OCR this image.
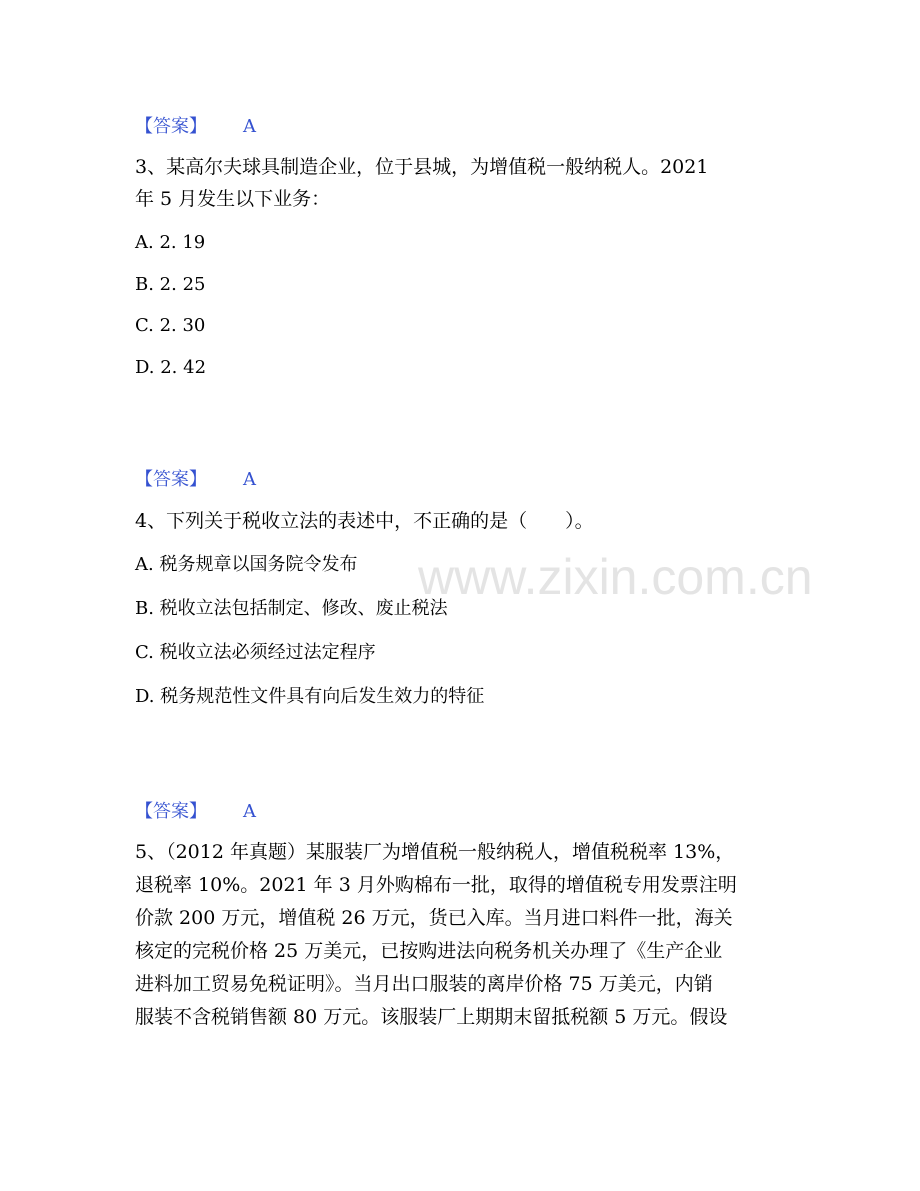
www.zixin.com.cn
【答案】 A
3、某高尔夫球具制造企业，位于县城，为增值税一般纳税人。2021
年 5 月发生以下业务：
A. 2. 19
B. 2. 25
C. 2. 30
D. 2. 42
【答案】 A
4、下列关于税收立法的表述中，不正确的是（　　）。
A. 税务规章以国务院令发布
B. 税收立法包括制定、修改、废止税法
C. 税收立法必须经过法定程序
D. 税务规范性文件具有向后发生效力的特征
【答案】 A
5、（2012 年真题）某服装厂为增值税一般纳税人，增值税税率 13%，
退税率 10%。2021 年 3 月外购棉布一批，取得的增值税专用发票注明
价款 200 万元，增值税 26 万元，货已入库。当月进口料件一批，海关
核定的完税价格 25 万美元，已按购进法向税务机关办理了《生产企业
进料加工贸易免税证明》。当月出口服装的离岸价格 75 万美元，内销
服装不含税销售额 80 万元。该服装厂上期期末留抵税额 5 万元。假设
